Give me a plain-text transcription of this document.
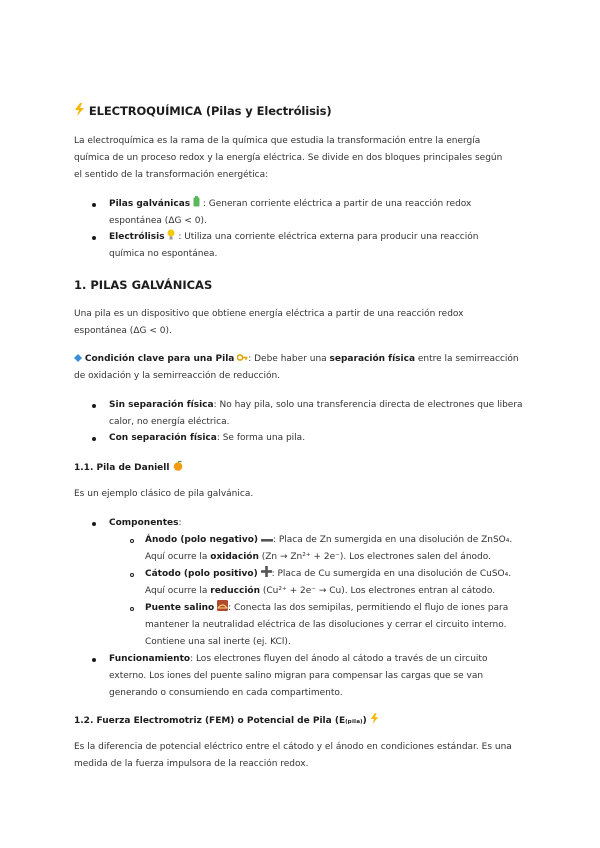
ELECTROQUÍMICA (Pilas y Electrólisis)
La electroquímica es la rama de la química que estudia la transformación entre la energía
química de un proceso redox y la energía eléctrica. Se divide en dos bloques principales según
el sentido de la transformación energética:
Pilas galvánicas  : Generan corriente eléctrica a partir de una reacción redox
espontánea (ΔG < 0).
Electrólisis  : Utiliza una corriente eléctrica externa para producir una reacción
química no espontánea.
1. PILAS GALVÁNICAS
Una pila es un dispositivo que obtiene energía eléctrica a partir de una reacción redox
espontánea (ΔG < 0).
Condición clave para una Pila : Debe haber una separación física entre la semirreacción
de oxidación y la semirreacción de reducción.
Sin separación física: No hay pila, solo una transferencia directa de electrones que libera
calor, no energía eléctrica.
Con separación física: Se forma una pila.
1.1. Pila de Daniell
Es un ejemplo clásico de pila galvánica.
Componentes:
Ánodo (polo negativo) : Placa de Zn sumergida en una disolución de ZnSO₄.
Aquí ocurre la oxidación (Zn → Zn²⁺ + 2e⁻). Los electrones salen del ánodo.
Cátodo (polo positivo) : Placa de Cu sumergida en una disolución de CuSO₄.
Aquí ocurre la reducción (Cu²⁺ + 2e⁻ → Cu). Los electrones entran al cátodo.
Puente salino : Conecta las dos semipilas, permitiendo el flujo de iones para
mantener la neutralidad eléctrica de las disoluciones y cerrar el circuito interno.
Contiene una sal inerte (ej. KCl).
Funcionamiento: Los electrones fluyen del ánodo al cátodo a través de un circuito
externo. Los iones del puente salino migran para compensar las cargas que se van
generando o consumiendo en cada compartimento.
1.2. Fuerza Electromotriz (FEM) o Potencial de Pila (E₍ₚᵢₗₐ₎)
Es la diferencia de potencial eléctrico entre el cátodo y el ánodo en condiciones estándar. Es una
medida de la fuerza impulsora de la reacción redox.
